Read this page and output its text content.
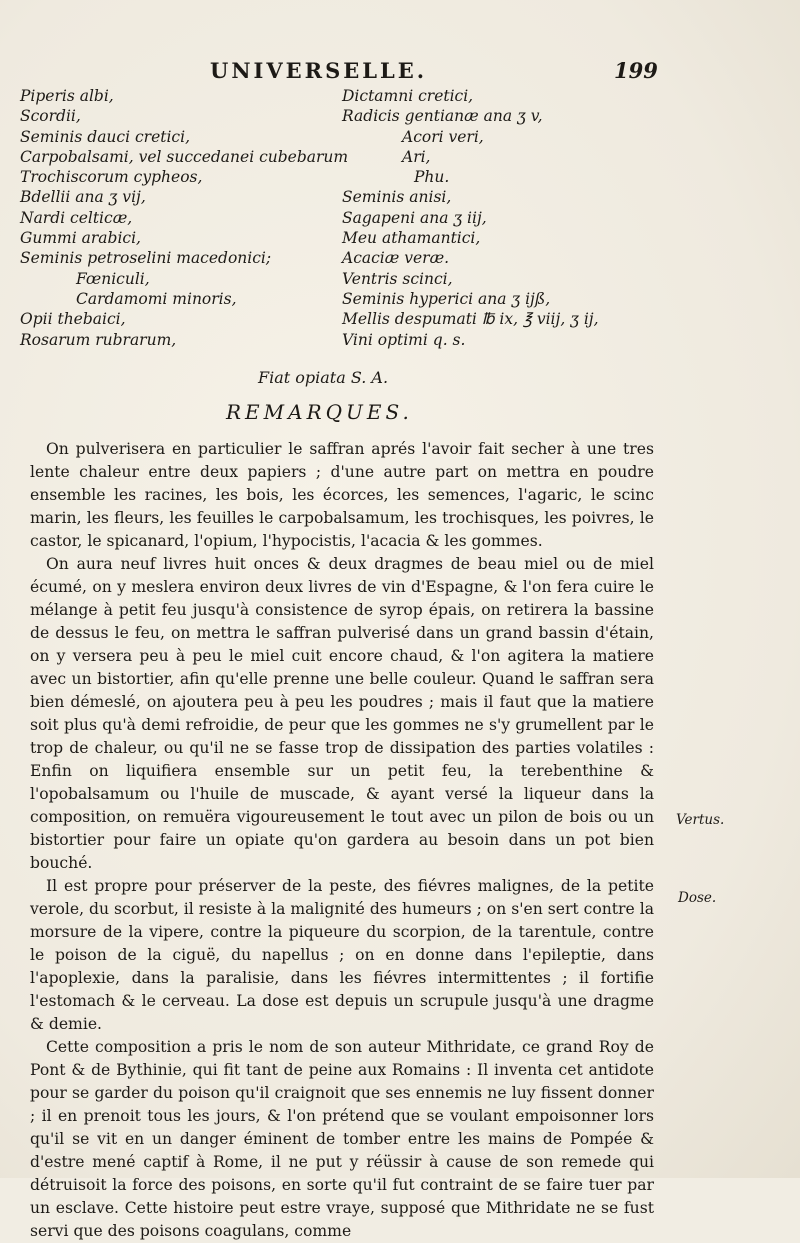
UNIVERSELLE.	199
Piperis albi,
Scordii,
Seminis dauci cretici,
Carpobalsami, vel succedanei cubebarum
Trochiscorum cypheos,
Bdellii ana ʒ vij,
Nardi celticæ,
Gummi arabici,
Seminis petroselini macedonici;
Fœniculi,
Cardamomi minoris,
Opii thebaici,
Rosarum rubrarum,
Dictamni cretici,
Radicis gentianæ ana ʒ v,
Acori veri,
Ari,
Phu.
Seminis anisi,
Sagapeni ana ʒ iij,
Meu athamantici,
Acaciæ veræ.
Ventris scinci,
Seminis hyperici ana ʒ ijß,
Mellis despumati ℔ ix, ℥ viij, ʒ ij,
Vini optimi q. s.
Fiat opiata S. A.
REMARQUES.

On pulverisera en particulier le saffran aprés l'avoir fait secher à une tres lente chaleur entre deux papiers ; d'une autre part on mettra en poudre ensemble les racines, les bois, les écorces, les semences, l'agaric, le scinc marin, les fleurs, les feuilles le carpobalsamum, les trochisques, les poivres, le castor, le spicanard, l'opium, l'hypocistis, l'acacia & les gommes.

On aura neuf livres huit onces & deux dragmes de beau miel ou de miel écumé, on y meslera environ deux livres de vin d'Espagne, & l'on fera cuire le mélange à petit feu jusqu'à consistence de syrop épais, on retirera la bassine de dessus le feu, on mettra le saffran pulverisé dans un grand bassin d'étain, on y versera peu à peu le miel cuit encore chaud, & l'on agitera la matiere avec un bistortier, afin qu'elle prenne une belle couleur. Quand le saffran sera bien démeslé, on ajoutera peu à peu les poudres ; mais il faut que la matiere soit plus qu'à demi refroidie, de peur que les gommes ne s'y grumellent par le trop de chaleur, ou qu'il ne se fasse trop de dissipation des parties volatiles : Enfin on liquifiera ensemble sur un petit feu, la terebenthine & l'opobalsamum ou l'huile de muscade, & ayant versé la liqueur dans la composition, on remuëra vigoureusement le tout avec un pilon de bois ou un bistortier pour faire un opiate qu'on gardera au besoin dans un pot bien bouché.

Il est propre pour préserver de la peste, des fiévres malignes, de la petite verole, du scorbut, il resiste à la malignité des humeurs ; on s'en sert contre la morsure de la vipere, contre la piqueure du scorpion, de la tarentule, contre le poison de la ciguë, du napellus ; on en donne dans l'epileptie, dans l'apoplexie, dans la paralisie, dans les fiévres intermittentes ; il fortifie l'estomach & le cerveau. La dose est depuis un scrupule jusqu'à une dragme & demie.

Cette composition a pris le nom de son auteur Mithridate, ce grand Roy de Pont & de Bythinie, qui fit tant de peine aux Romains : Il inventa cet antidote pour se garder du poison qu'il craignoit que ses ennemis ne luy fissent donner ; il en prenoit tous les jours, & l'on prétend que se voulant empoisonner lors qu'il se vit en un danger éminent de tomber entre les mains de Pompée & d'estre mené captif à Rome, il ne put y réüssir à cause de son remede qui détruisoit la force des poisons, en sorte qu'il fut contraint de se faire tuer par un esclave. Cette histoire peut estre vraye, supposé que Mithridate ne se fust servi que des poisons coagulans, comme

Vertus.
Dose.
